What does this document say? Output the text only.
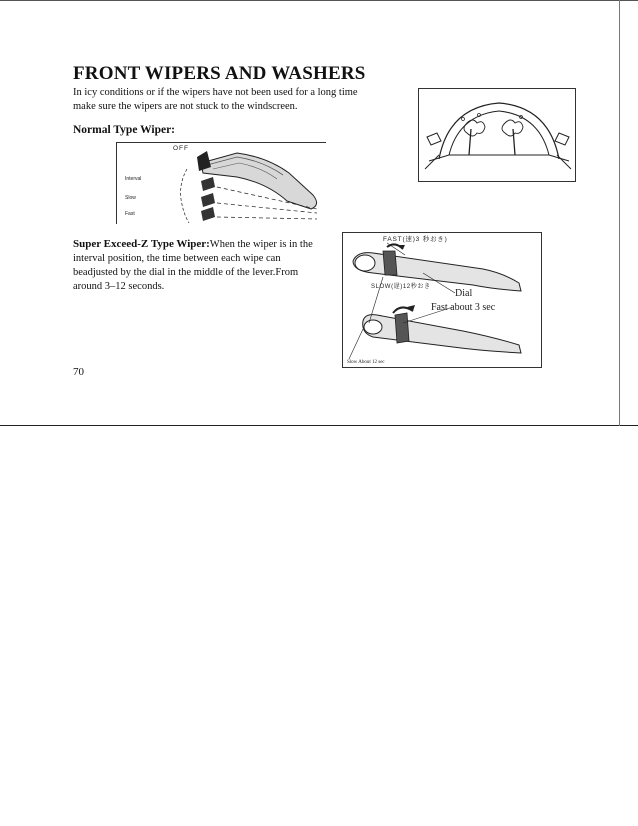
FRONT WIPERS AND WASHERS

In icy conditions or if the wipers have not been used for a long time make sure the wipers are not stuck to the windscreen.

Normal Type Wiper:

Super Exceed-Z Type Wiper:When the wiper is in the interval position, the time between each wipe can beadjusted by the dial in the middle of the lever.From around 3–12 seconds.

70

OFF
Interval
Slow
Fast
FAST(速)3 秒おき)
SLOW(遅)12秒おき
Dial
Fast about 3 sec
Slow About 12 sec
